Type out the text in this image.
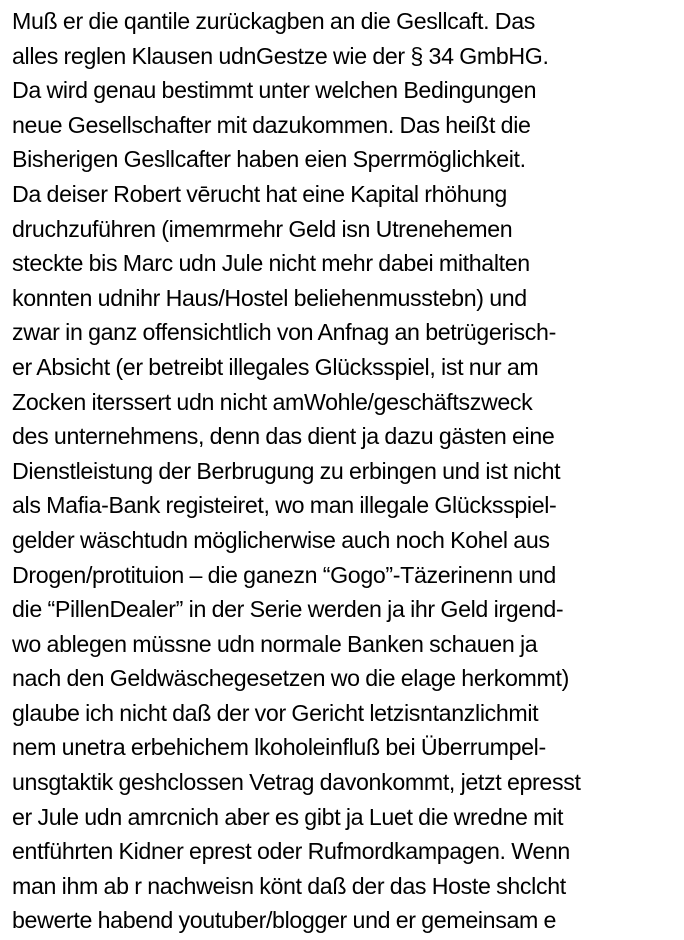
Muß er die qantile zurückagben an die Gesllcaft. Das
alles reglen Klausen udnGestze wie der § 34 GmbHG.
Da wird genau bestimmt unter welchen Bedingungen
neue Gesellschafter mit dazukommen. Das heißt die
Bisherigen Gesllcafter haben eien Sperrmöglichkeit.
Da deiser Robert vērucht hat eine Kapital rhöhung
druchzuführen (imemrmehr Geld isn Utrenehemen
steckte bis Marc udn Jule nicht mehr dabei mithalten
konnten udnihr Haus/Hostel beliehenmusstebn) und
zwar in ganz offensichtlich von Anfnag an betrügerisch-
er Absicht (er betreibt illegales Glücksspiel, ist nur am
Zocken iterssert udn nicht amWohle/geschäftszweck
des unternehmens, denn das dient ja dazu gästen eine
Dienstleistung der Berbrugung zu erbingen und ist nicht
als Mafia-Bank registeiret, wo man illegale Glücksspiel-
gelder wäschtudn möglicherwise auch noch Kohel aus
Drogen/protituion – die ganezn “Gogo”-Täzerinenn und
die “PillenDealer” in der Serie werden ja ihr Geld irgend-
wo ablegen müssne udn normale Banken schauen ja
nach den Geldwäschegesetzen wo die elage herkommt)
glaube ich nicht daß der vor Gericht letzisntanzlichmit
nem unetra erbehichem lkoholeinfluß bei Überrumpel-
unsgtaktik geshclossen Vetrag davonkommt, jetzt epresst
er Jule udn amrcnich aber es gibt ja Luet die wredne mit
entführten Kidner eprest oder Rufmordkampagen. Wenn
man ihm ab r nachweisn könt daß der das Hoste shclcht
bewerte habend youtuber/blogger und er gemeinsam e
